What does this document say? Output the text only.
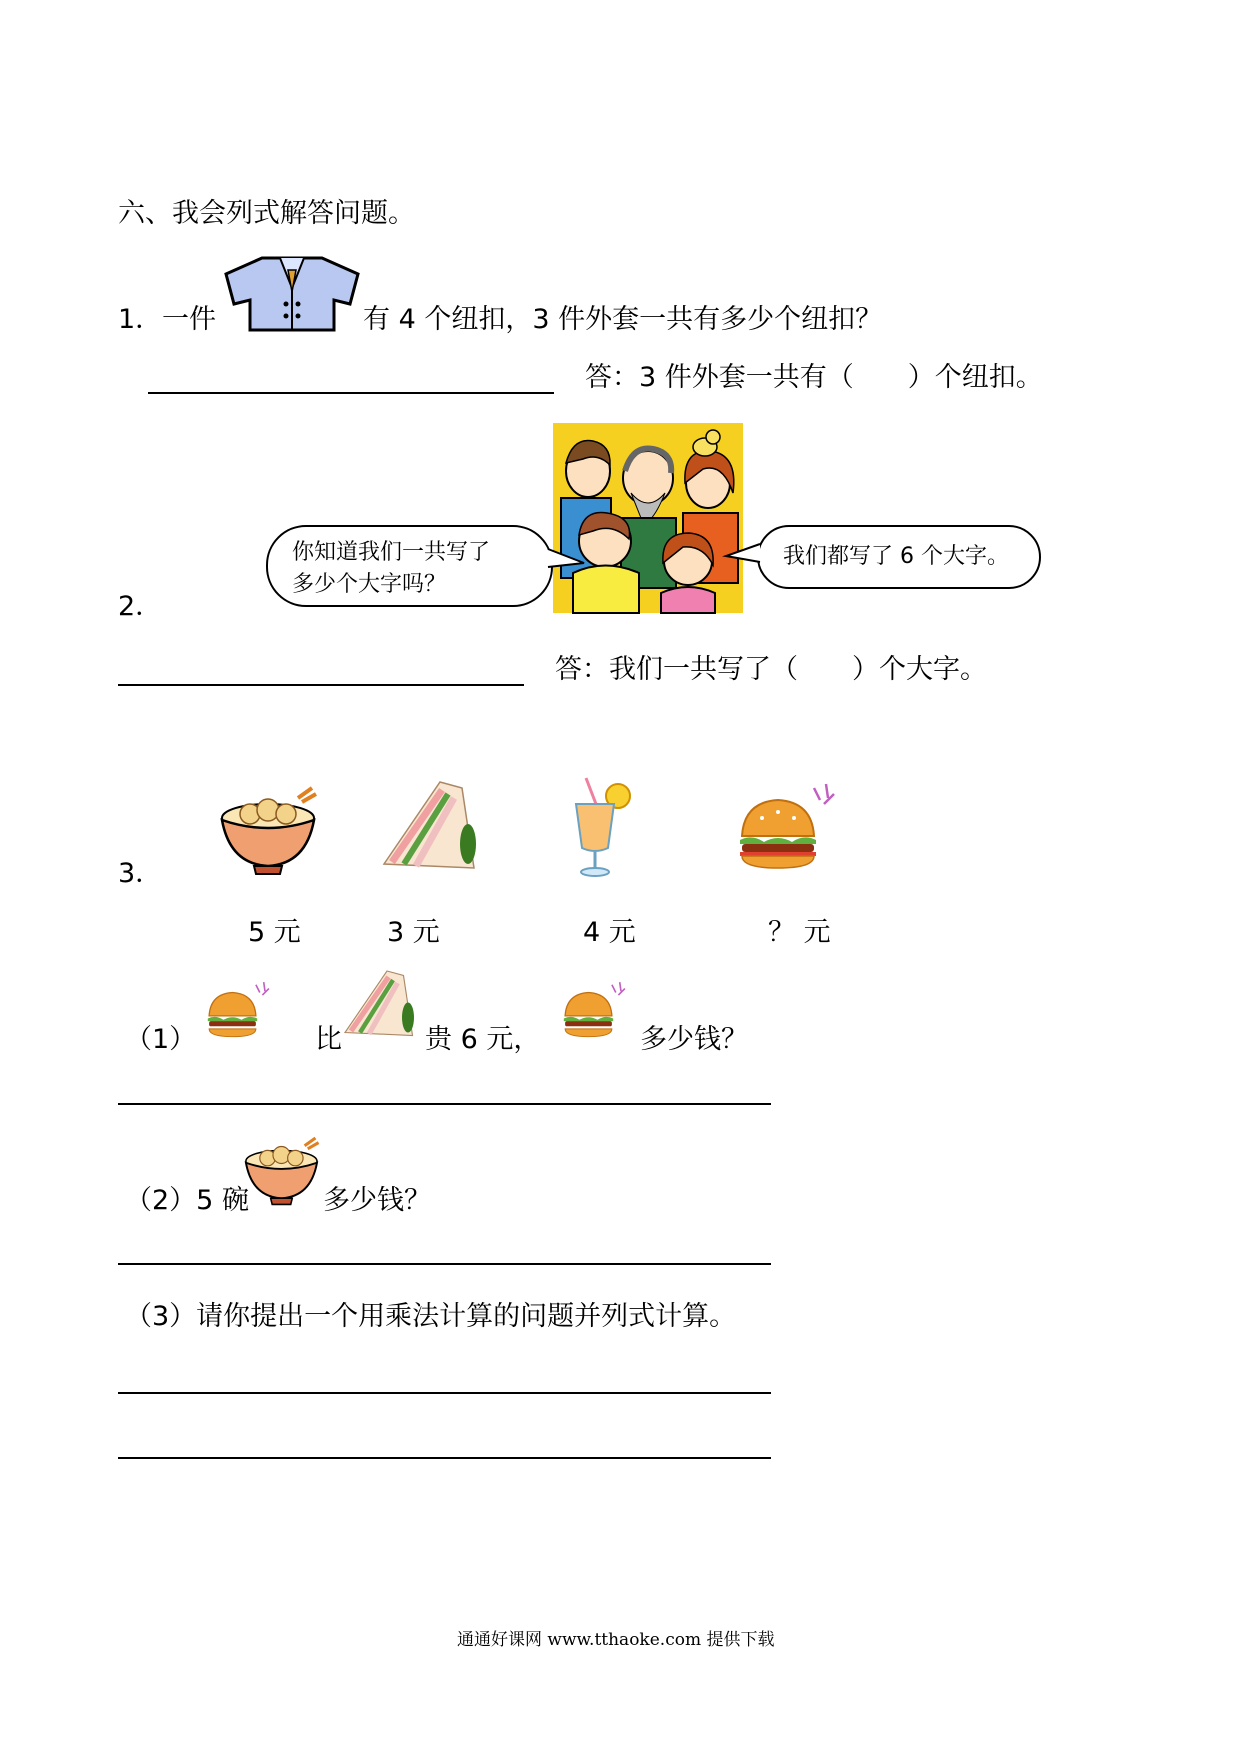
六、我会列式解答问题。
1． 一件	有 4 个纽扣，3 件外套一共有多少个纽扣？
答：3 件外套一共有（　　）个纽扣。
2．
你知道我们一共写了
多少个大字吗？
我们都写了 6 个大字。
答：我们一共写了（　　）个大字。
3．
5 元	3 元	4 元	？ 元
（1）	比	贵 6 元，	多少钱？
（2）5 碗	多少钱？
（3）请你提出一个用乘法计算的问题并列式计算。
通通好课网 www.tthaoke.com 提供下载
